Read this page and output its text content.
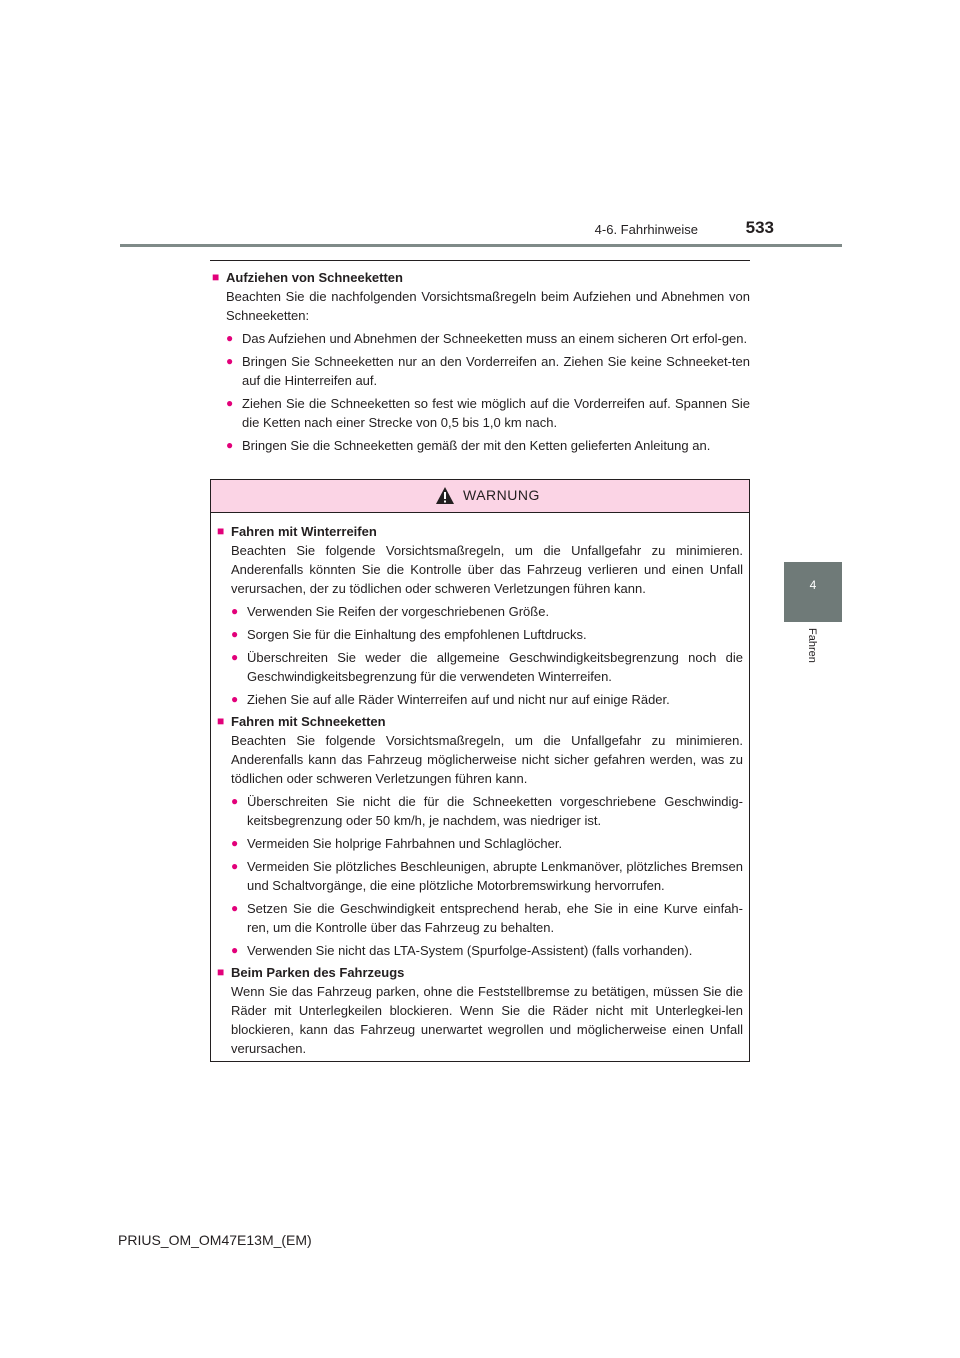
4-6. Fahrhinweise	533
4
Fahren
■ Aufziehen von Schneeketten
Beachten Sie die nachfolgenden Vorsichtsmaßregeln beim Aufziehen und Abnehmen von Schneeketten:
● Das Aufziehen und Abnehmen der Schneeketten muss an einem sicheren Ort erfol-gen.
● Bringen Sie Schneeketten nur an den Vorderreifen an. Ziehen Sie keine Schneeket-ten auf die Hinterreifen auf.
● Ziehen Sie die Schneeketten so fest wie möglich auf die Vorderreifen auf. Spannen Sie die Ketten nach einer Strecke von 0,5 bis 1,0 km nach.
● Bringen Sie die Schneeketten gemäß der mit den Ketten gelieferten Anleitung an.
WARNUNG
■ Fahren mit Winterreifen
Beachten Sie folgende Vorsichtsmaßregeln, um die Unfallgefahr zu minimieren. Anderenfalls könnten Sie die Kontrolle über das Fahrzeug verlieren und einen Unfall verursachen, der zu tödlichen oder schweren Verletzungen führen kann.
● Verwenden Sie Reifen der vorgeschriebenen Größe.
● Sorgen Sie für die Einhaltung des empfohlenen Luftdrucks.
● Überschreiten Sie weder die allgemeine Geschwindigkeitsbegrenzung noch die Geschwindigkeitsbegrenzung für die verwendeten Winterreifen.
● Ziehen Sie auf alle Räder Winterreifen auf und nicht nur auf einige Räder.
■ Fahren mit Schneeketten
Beachten Sie folgende Vorsichtsmaßregeln, um die Unfallgefahr zu minimieren. Anderenfalls kann das Fahrzeug möglicherweise nicht sicher gefahren werden, was zu tödlichen oder schweren Verletzungen führen kann.
● Überschreiten Sie nicht die für die Schneeketten vorgeschriebene Geschwindig-keitsbegrenzung oder 50 km/h, je nachdem, was niedriger ist.
● Vermeiden Sie holprige Fahrbahnen und Schlaglöcher.
● Vermeiden Sie plötzliches Beschleunigen, abrupte Lenkmanöver, plötzliches Bremsen und Schaltvorgänge, die eine plötzliche Motorbremswirkung hervorrufen.
● Setzen Sie die Geschwindigkeit entsprechend herab, ehe Sie in eine Kurve einfah-ren, um die Kontrolle über das Fahrzeug zu behalten.
● Verwenden Sie nicht das LTA-System (Spurfolge-Assistent) (falls vorhanden).
■ Beim Parken des Fahrzeugs
Wenn Sie das Fahrzeug parken, ohne die Feststellbremse zu betätigen, müssen Sie die Räder mit Unterlegkeilen blockieren. Wenn Sie die Räder nicht mit Unterlegkei-len blockieren, kann das Fahrzeug unerwartet wegrollen und möglicherweise einen Unfall verursachen.
PRIUS_OM_OM47E13M_(EM)
